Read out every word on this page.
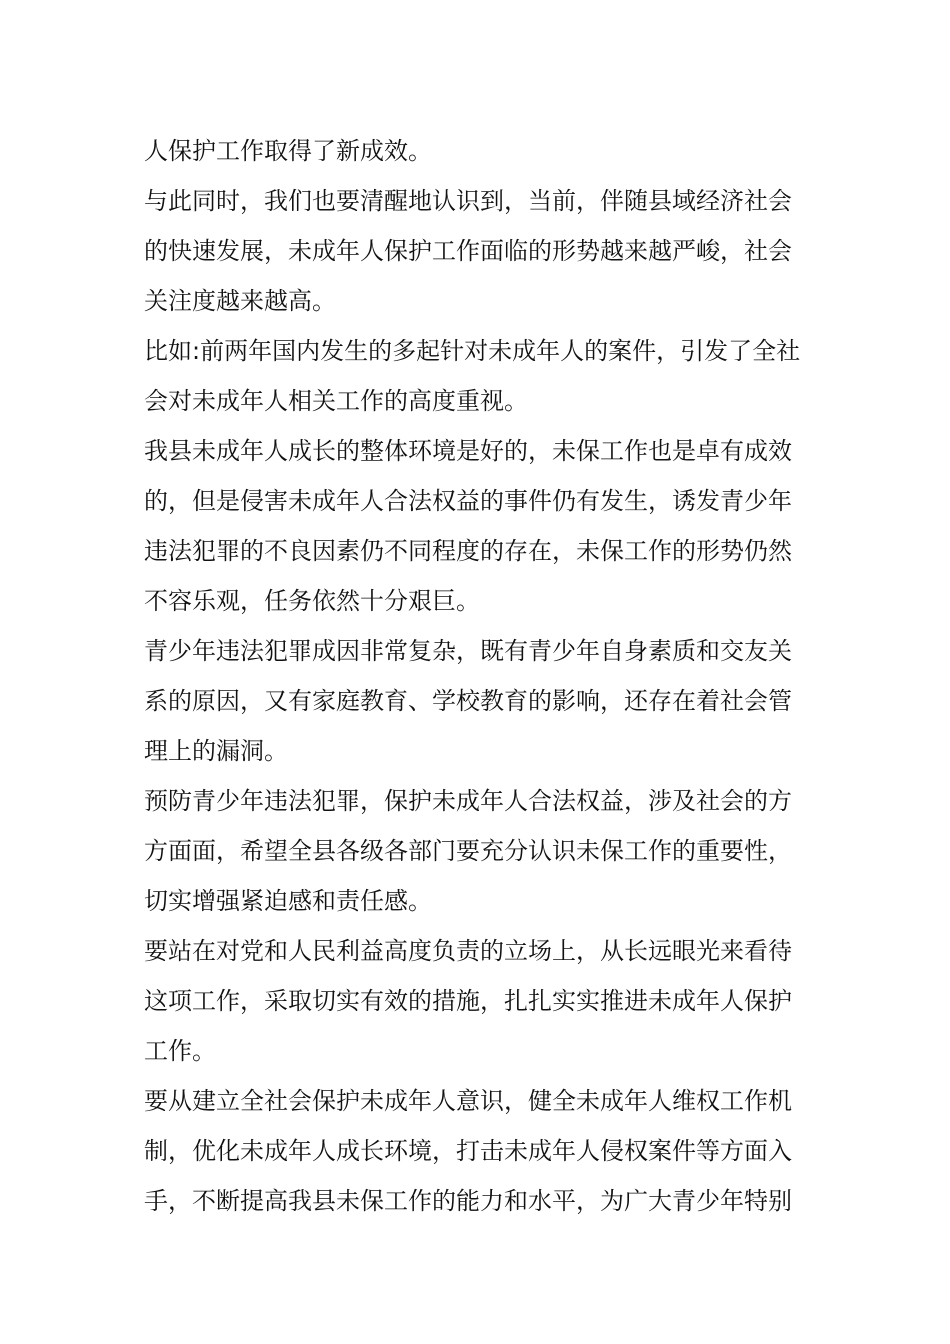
人保护工作取得了新成效。

与此同时，我们也要清醒地认识到，当前，伴随县域经济社会

的快速发展，未成年人保护工作面临的形势越来越严峻，社会

关注度越来越高。

比如:前两年国内发生的多起针对未成年人的案件，引发了全社

会对未成年人相关工作的高度重视。

我县未成年人成长的整体环境是好的，未保工作也是卓有成效

的，但是侵害未成年人合法权益的事件仍有发生，诱发青少年

违法犯罪的不良因素仍不同程度的存在，未保工作的形势仍然

不容乐观，任务依然十分艰巨。

青少年违法犯罪成因非常复杂，既有青少年自身素质和交友关

系的原因，又有家庭教育、学校教育的影响，还存在着社会管

理上的漏洞。

预防青少年违法犯罪，保护未成年人合法权益，涉及社会的方

方面面，希望全县各级各部门要充分认识未保工作的重要性，

切实增强紧迫感和责任感。

要站在对党和人民利益高度负责的立场上，从长远眼光来看待

这项工作，采取切实有效的措施，扎扎实实推进未成年人保护

工作。

要从建立全社会保护未成年人意识，健全未成年人维权工作机

制，优化未成年人成长环境，打击未成年人侵权案件等方面入

手，不断提高我县未保工作的能力和水平，为广大青少年特别
